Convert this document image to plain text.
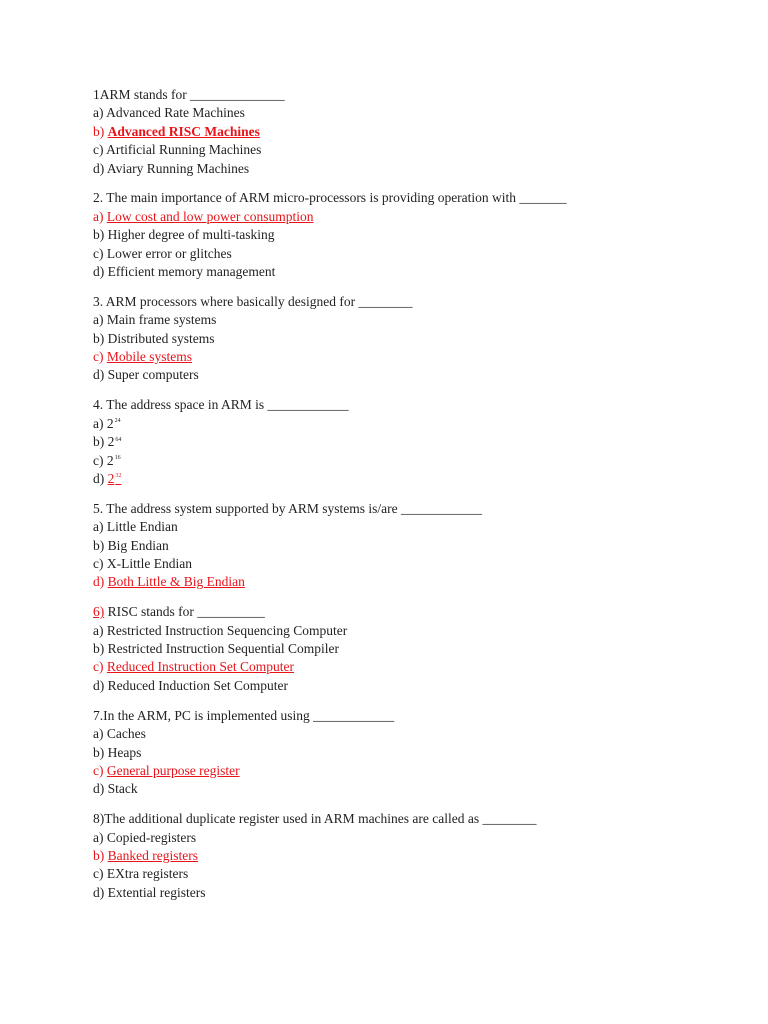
1ARM stands for ______________
a) Advanced Rate Machines
b) Advanced RISC Machines
c) Artificial Running Machines
d) Aviary Running Machines
2. The main importance of ARM micro-processors is providing operation with _______
a) Low cost and low power consumption
b) Higher degree of multi-tasking
c) Lower error or glitches
d) Efficient memory management
3. ARM processors where basically designed for ________
a) Main frame systems
b) Distributed systems
c) Mobile systems
d) Super computers
4. The address space in ARM is ____________
a) $2^{24}$
b) $2^{64}$
c) $2^{16}$
d) $2^{32}$
5. The address system supported by ARM systems is/are ____________
a) Little Endian
b) Big Endian
c) X-Little Endian
d) Both Little & Big Endian
6) RISC stands for __________
a) Restricted Instruction Sequencing Computer
b) Restricted Instruction Sequential Compiler
c) Reduced Instruction Set Computer
d) Reduced Induction Set Computer
7.In the ARM, PC is implemented using ____________
a) Caches
b) Heaps
c) General purpose register
d) Stack
8)The additional duplicate register used in ARM machines are called as ________
a) Copied-registers
b) Banked registers
c) EXtra registers
d) Extential registers
